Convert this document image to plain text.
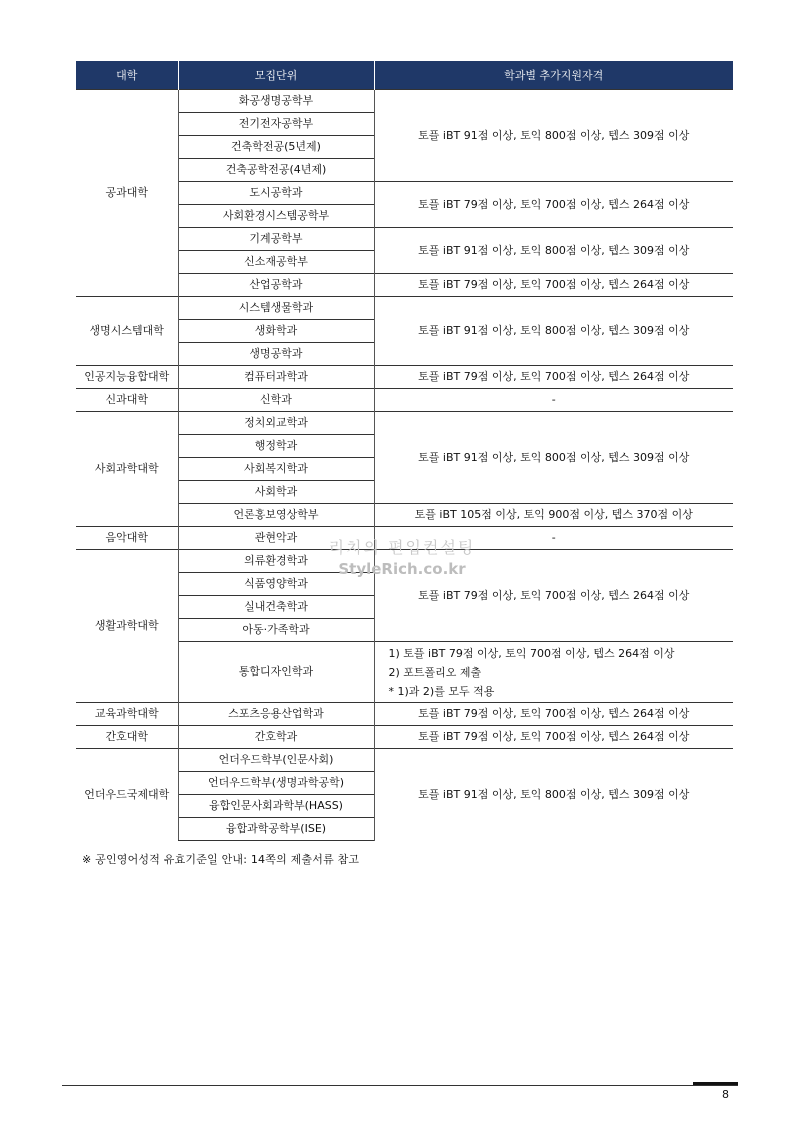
대학	모집단위	학과별 추가지원자격
공과대학	화공생명공학부	토플 iBT 91점 이상, 토익 800점 이상, 텝스 309점 이상
	전기전자공학부	
	건축학전공(5년제)	
	건축공학전공(4년제)	
	도시공학과	토플 iBT 79점 이상, 토익 700점 이상, 텝스 264점 이상
	사회환경시스템공학부	
	기계공학부	토플 iBT 91점 이상, 토익 800점 이상, 텝스 309점 이상
	신소재공학부	
	산업공학과	토플 iBT 79점 이상, 토익 700점 이상, 텝스 264점 이상
생명시스템대학	시스템생물학과	토플 iBT 91점 이상, 토익 800점 이상, 텝스 309점 이상
	생화학과	
	생명공학과	
인공지능융합대학	컴퓨터과학과	토플 iBT 79점 이상, 토익 700점 이상, 텝스 264점 이상
신과대학	신학과	-
사회과학대학	정치외교학과	토플 iBT 91점 이상, 토익 800점 이상, 텝스 309점 이상
	행정학과	
	사회복지학과	
	사회학과	
	언론홍보영상학부	토플 iBT 105점 이상, 토익 900점 이상, 텝스 370점 이상
음악대학	관현악과	-
생활과학대학	의류환경학과	토플 iBT 79점 이상, 토익 700점 이상, 텝스 264점 이상
	식품영양학과	
	실내건축학과	
	아동·가족학과	
	통합디자인학과	1) 토플 iBT 79점 이상, 토익 700점 이상, 텝스 264점 이상
2) 포트폴리오 제출
* 1)과 2)를 모두 적용

교육과학대학	스포츠응용산업학과	토플 iBT 79점 이상, 토익 700점 이상, 텝스 264점 이상
간호대학	간호학과	토플 iBT 79점 이상, 토익 700점 이상, 텝스 264점 이상
언더우드국제대학	언더우드학부(인문사회)	토플 iBT 91점 이상, 토익 800점 이상, 텝스 309점 이상
	언더우드학부(생명과학공학)	
	융합인문사회과학부(HASS)	
	융합과학공학부(ISE)	
리치의 편입컨설팅
StyleRich.co.kr
※ 공인영어성적 유효기준일 안내: 14쪽의 제출서류 참고
8
